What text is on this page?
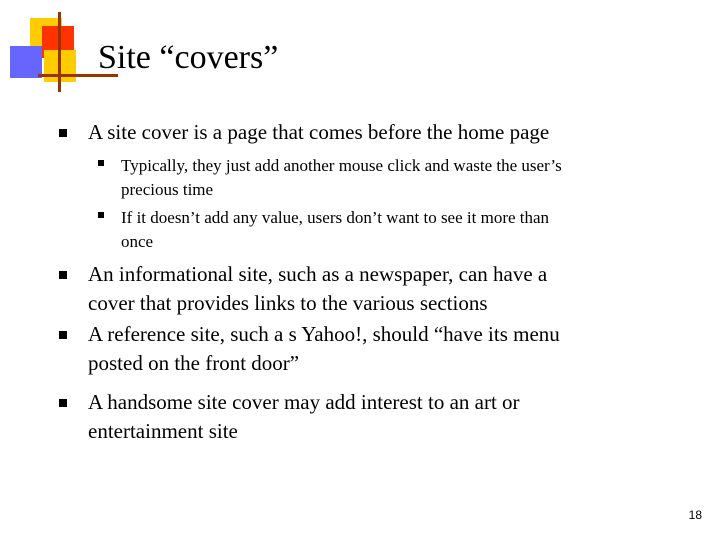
Site “covers”
A site cover is a page that comes before the home page
Typically, they just add another mouse click and waste the user’s
precious time
If it doesn’t add any value, users don’t want to see it more than
once
An informational site, such as a newspaper, can have a
cover that provides links to the various sections
A reference site, such a s Yahoo!, should “have its menu
posted on the front door”
A handsome site cover may add interest to an art or
entertainment site
18
